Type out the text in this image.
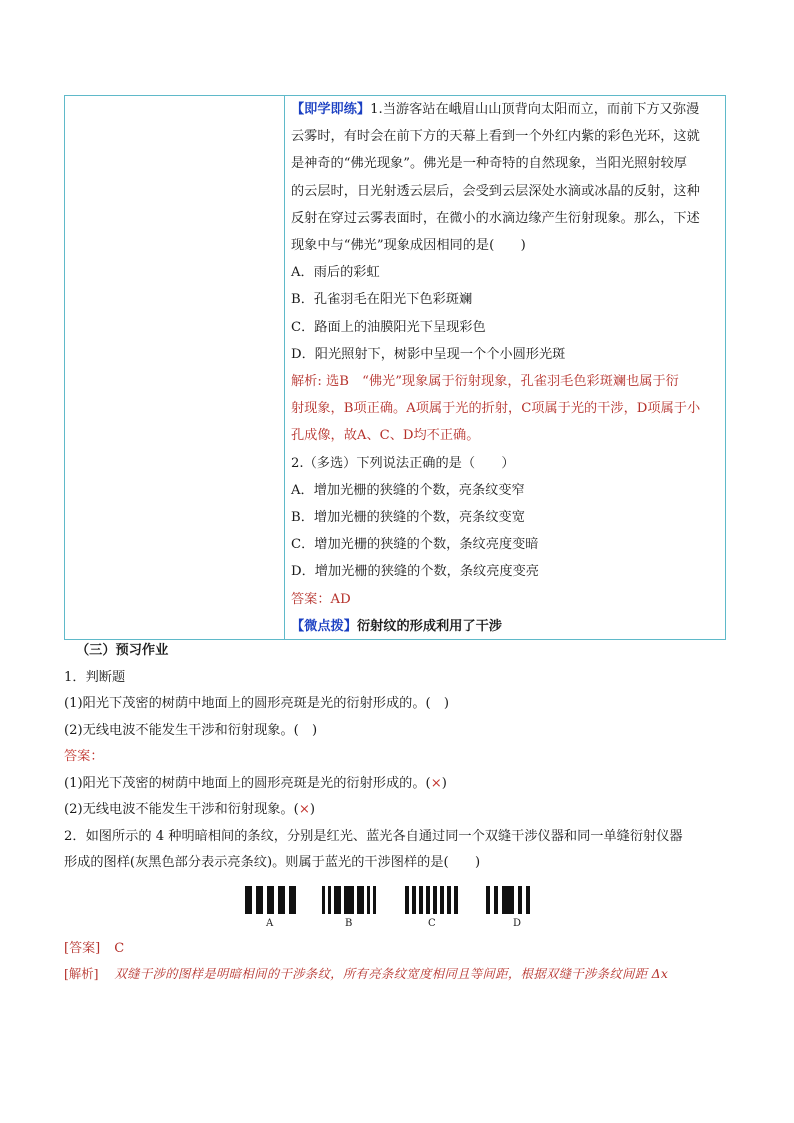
【即学即练】1.当游客站在峨眉山山顶背向太阳而立，而前下方又弥漫

云雾时，有时会在前下方的天幕上看到一个外红内紫的彩色光环，这就

是神奇的“佛光现象”。佛光是一种奇特的自然现象，当阳光照射较厚

的云层时，日光射透云层后，会受到云层深处水滴或冰晶的反射，这种

反射在穿过云雾表面时，在微小的水滴边缘产生衍射现象。那么，下述

现象中与“佛光”现象成因相同的是(　　)

A．雨后的彩虹

B．孔雀羽毛在阳光下色彩斑斓

C．路面上的油膜阳光下呈现彩色

D．阳光照射下，树影中呈现一个个小圆形光斑

解析: 选B　“佛光”现象属于衍射现象，孔雀羽毛色彩斑斓也属于衍

射现象，B项正确。A项属于光的折射，C项属于光的干涉，D项属于小

孔成像，故A、C、D均不正确。

2.（多选）下列说法正确的是（　　）

A．增加光栅的狭缝的个数，亮条纹变窄

B．增加光栅的狭缝的个数，亮条纹变宽

C．增加光栅的狭缝的个数，条纹亮度变暗

D．增加光栅的狭缝的个数，条纹亮度变亮

答案：AD

【微点拨】衍射纹的形成利用了干涉

（三）预习作业

1．判断题

(1)阳光下茂密的树荫中地面上的圆形亮斑是光的衍射形成的。(　)

(2)无线电波不能发生干涉和衍射现象。(　)

答案：

(1)阳光下茂密的树荫中地面上的圆形亮斑是光的衍射形成的。(×)

(2)无线电波不能发生干涉和衍射现象。(×)

2．如图所示的 4 种明暗相间的条纹，分别是红光、蓝光各自通过同一个双缝干涉仪器和同一单缝衍射仪器

形成的图样(灰黑色部分表示亮条纹)。则属于蓝光的干涉图样的是(　　)

A	B	C	D
[答案] C
[解析] 双缝干涉的图样是明暗相间的干涉条纹，所有亮条纹宽度相同且等间距，根据双缝干涉条纹间距 Δx
